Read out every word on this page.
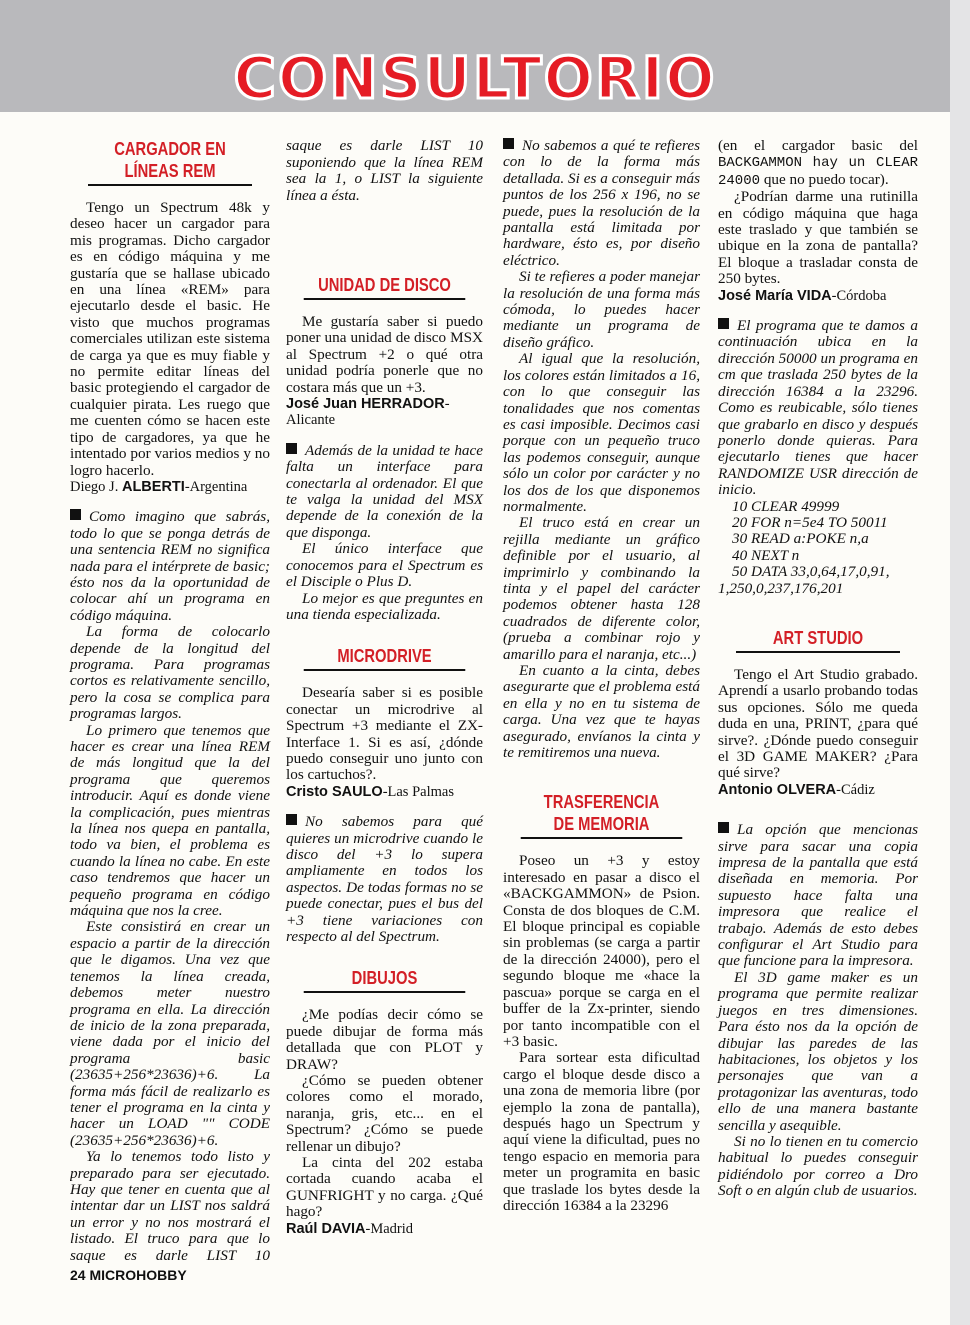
CONSULTORIO
CARGADOR EN
LÍNEAS REM

Tengo un Spectrum 48k y deseo hacer un cargador para mis programas. Dicho cargador es en código máquina y me gustaría que se hallase ubicado en una línea «REM» para ejecutarlo desde el basic. He visto que muchos programas comerciales utilizan este sistema de carga ya que es muy fiable y no permite editar líneas del basic protegiendo el cargador de cualquier pirata. Les ruego que me cuenten cómo se hacen este tipo de cargadores, ya que he intentado por varios medios y no logro hacerlo.

Diego J. ALBERTI-Argentina

Como imagino que sabrás, todo lo que se ponga detrás de una sentencia REM no significa nada para el intérprete de basic; ésto nos da la oportunidad de colocar ahí un programa en código máquina.

La forma de colocarlo depende de la longitud del programa. Para programas cortos es relativamente sencillo, pero la cosa se complica para programas largos.

Lo primero que tenemos que hacer es crear una línea REM de más longitud que la del programa que queremos introducir. Aquí es donde viene la complicación, pues mientras la línea nos quepa en pantalla, todo va bien, el problema es cuando la línea no cabe. En este caso tendremos que hacer un pequeño programa en código máquina que nos la cree.

Este consistirá en crear un espacio a partir de la dirección que le digamos. Una vez que tenemos la línea creada, debemos meter nuestro programa en ella. La dirección de inicio de la zona preparada, viene dada por el inicio del programa basic (23635+256*23636)+6. La forma más fácil de realizarlo es tener el programa en la cinta y hacer un LOAD "" CODE (23635+256*23636)+6.

Ya lo tenemos todo listo y preparado para ser ejecutado. Hay que tener en cuenta que al intentar dar un LIST nos saldrá un error y no nos mostrará el listado. El truco para que lo saque es darle LIST 10

saque es darle LIST 10 suponiendo que la línea REM sea la 1, o LIST la siguiente línea a ésta.

UNIDAD DE DISCO

Me gustaría saber si puedo poner una unidad de disco MSX al Spectrum +2 o qué otra unidad podría ponerle que no costara más que un +3.

José Juan HERRADOR-Alicante

Además de la unidad te hace falta un interface para conectarla al ordenador. El que te valga la unidad del MSX depende de la conexión de la que disponga.

El único interface que conocemos para el Spectrum es el Disciple o Plus D.

Lo mejor es que preguntes en una tienda especializada.

MICRODRIVE

Desearía saber si es posible conectar un microdrive al Spectrum +3 mediante el ZX-Interface 1. Si es así, ¿dónde puedo conseguir uno junto con los cartuchos?.

Cristo SAULO-Las Palmas

No sabemos para qué quieres un microdrive cuando le disco del +3 lo supera ampliamente en todos los aspectos. De todas formas no se puede conectar, pues el bus del +3 tiene variaciones con respecto al del Spectrum.

DIBUJOS

¿Me podías decir cómo se puede dibujar de forma más detallada que con PLOT y DRAW?

¿Cómo se pueden obtener colores como el morado, naranja, gris, etc... en el Spectrum? ¿Cómo se puede rellenar un dibujo?

La cinta del 202 estaba cortada cuando acaba el GUNFRIGHT y no carga. ¿Qué hago?

Raúl DAVIA-Madrid

No sabemos a qué te refieres con lo de la forma más detallada. Si es a conseguir más puntos de los 256 x 196, no se puede, pues la resolución de la pantalla está limitada por hardware, ésto es, por diseño eléctrico.

Si te refieres a poder manejar la resolución de una forma más cómoda, lo puedes hacer mediante un programa de diseño gráfico.

Al igual que la resolución, los colores están limitados a 16, con lo que conseguir las tonalidades que nos comentas es casi imposible. Decimos casi porque con un pequeño truco las podemos conseguir, aunque sólo un color por carácter y no los dos de los que disponemos normalmente.

El truco está en crear un rejilla mediante un gráfico definible por el usuario, al imprimirlo y combinando la tinta y el papel del carácter podemos obtener hasta 128 cuadrados de diferente color, (prueba a combinar rojo y amarillo para el naranja, etc...)

En cuanto a la cinta, debes asegurarte que el problema está en ella y no en tu sistema de carga. Una vez que te hayas asegurado, envíanos la cinta y te remitiremos una nueva.

TRASFERENCIA
DE MEMORIA

Poseo un +3 y estoy interesado en pasar a disco el «BACKGAMMON» de Psion. Consta de dos bloques de C.M. El bloque principal es copiable sin problemas (se carga a partir de la dirección 24000), pero el segundo bloque me «hace la pascua» porque se carga en el buffer de la Zx-printer, siendo por tanto incompatible con el +3 basic.

Para sortear esta dificultad cargo el bloque desde disco a una zona de memoria libre (por ejemplo la zona de pantalla), después hago un Spectrum y aquí viene la dificultad, pues no tengo espacio en memoria para meter un programita en basic que traslade los bytes desde la dirección 16384 a la 23296

(en el cargador basic del BACKGAMMON hay un CLEAR 24000 que no puedo tocar).

¿Podrían darme una rutinilla en código máquina que haga este traslado y que también se ubique en la zona de pantalla? El bloque a trasladar consta de 250 bytes.

José María VIDA-Córdoba

El programa que te damos a continuación ubica en la dirección 50000 un programa en cm que traslada 250 bytes de la dirección 16384 a la 23296. Como es reubicable, sólo tienes que grabarlo en disco y después ponerlo donde quieras. Para ejecutarlo tienes que hacer RANDOMIZE USR dirección de inicio.

10 CLEAR 49999

20 FOR n=5e4 TO 50011

30 READ a:POKE n,a

40 NEXT n

50 DATA 33,0,64,17,0,91,

1,250,0,237,176,201

ART STUDIO

Tengo el Art Studio grabado. Aprendí a usarlo probando todas sus opciones. Sólo me queda duda en una, PRINT, ¿para qué sirve?. ¿Dónde puedo conseguir el 3D GAME MAKER? ¿Para qué sirve?

Antonio OLVERA-Cádiz

La opción que mencionas sirve para sacar una copia impresa de la pantalla que está diseñada en memoria. Por supuesto hace falta una impresora que realice el trabajo. Además de esto debes configurar el Art Studio para que funcione para la impresora.

El 3D game maker es un programa que permite realizar juegos en tres dimensiones. Para ésto nos da la opción de dibujar las paredes de las habitaciones, los objetos y los personajes que van a protagonizar las aventuras, todo ello de una manera bastante sencilla y asequible.

Si no lo tienen en tu comercio habitual lo puedes conseguir pidiéndolo por correo a Dro Soft o en algún club de usuarios.

24 MICROHOBBY
